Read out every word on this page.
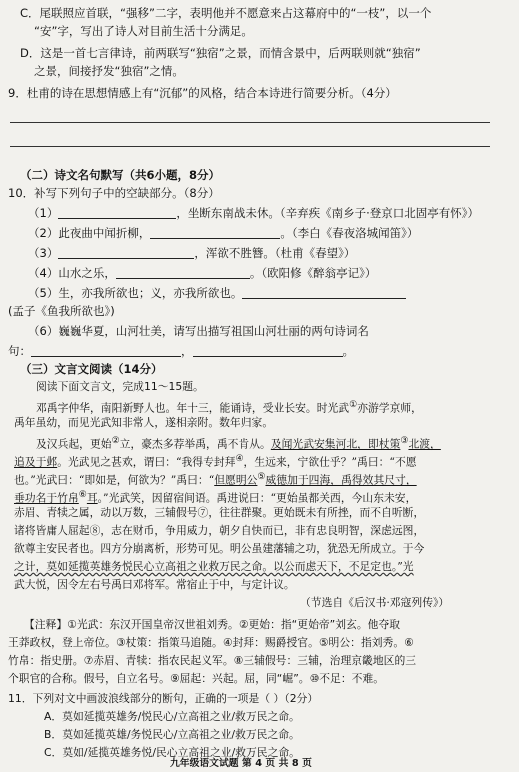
C．尾联照应首联，“强移”二字，表明他并不愿意来占这幕府中的“一枝”，以一个
“安”字，写出了诗人对目前生活十分满足。
D．这是一首七言律诗，前两联写“独宿”之景，而情含景中，后两联则就“独宿”
之景，间接抒发“独宿”之情。
9．杜甫的诗在思想情感上有“沉郁”的风格，结合本诗进行简要分析。（4分）
（二）诗文名句默写（共6小题，8分）
10．补写下列句子中的空缺部分。（8分）
（1）	，坐断东南战未休。（辛弃疾《南乡子·登京口北固亭有怀》）
（2）此夜曲中闻折柳，	。（李白《春夜洛城闻笛》）
（3）	，浑欲不胜簪。（杜甫《春望》）
（4）山水之乐，	。（欧阳修《醉翁亭记》）
（5）生，亦我所欲也；义，亦我所欲也。
(孟子《鱼我所欲也》)
（6）巍巍华夏，山河壮美，请写出描写祖国山河壮丽的两句诗词名
句：	，	。
（三）文言文阅读（14分）
阅读下面文言文，完成11～15题。
邓禹字仲华，南阳新野人也。年十三，能诵诗，受业长安。时光武①亦游学京师，
禹年虽幼，而见光武知非常人，遂相亲附。数年归家。
及汉兵起，更始②立，豪杰多荐举禹，禹不肯从。及闻光武安集河北，即杖策③北渡，
追及于邺。光武见之甚欢，谓曰：“我得专封拜④，生远来，宁欲仕乎？”禹曰：“不愿
也。”光武曰：“即如是，何欲为？”禹曰：“但愿明公⑤威德加于四海，禹得效其尺寸，
垂功名于竹帛⑥耳。”光武笑，因留宿间语。禹进说曰：“更始虽都关西，今山东未安，
赤眉、青犊之属，动以万数，三辅假号⑦，往往群聚。更始既未有所挫，而不自听断，
诸将皆庸人屈起⑧，志在财币，争用威力，朝夕自快而已，非有忠良明智，深虑远图，
欲尊主安民者也。四方分崩离析，形势可见。明公虽建藩辅之功，犹恐无所成立。于今
之计，莫如延揽英雄务悦民心立高祖之业救万民之命。以公而虑天下，不足定也。”光
武大悦，因令左右号禹曰邓将军。常宿止于中，与定计议。
（节选自《后汉书·邓寇列传》）
【注释】①光武：东汉开国皇帝汉世祖刘秀。②更始：指“更始帝”刘玄。他夺取
王莽政权，登上帝位。③杖策：指策马追随。④封拜：赐爵授官。⑤明公：指刘秀。⑥
竹帛：指史册。⑦赤眉、青犊：指农民起义军。⑧三辅假号：三辅，治理京畿地区的三
个职官的合称。假号，自立名号。⑨屈起：兴起。屈，同“崛”。⑩不足：不难。
11．下列对文中画波浪线部分的断句，正确的一项是（ ）（2分）
A．莫如延揽英雄务/悦民心/立高祖之业/救万民之命。
B．莫如延揽英雄/务悦民心/立高祖之业/救万民之命。
C．莫如/延揽英雄务悦/民心立高祖之业/救万民之命。
九年级语文试题 第 4 页 共 8 页
